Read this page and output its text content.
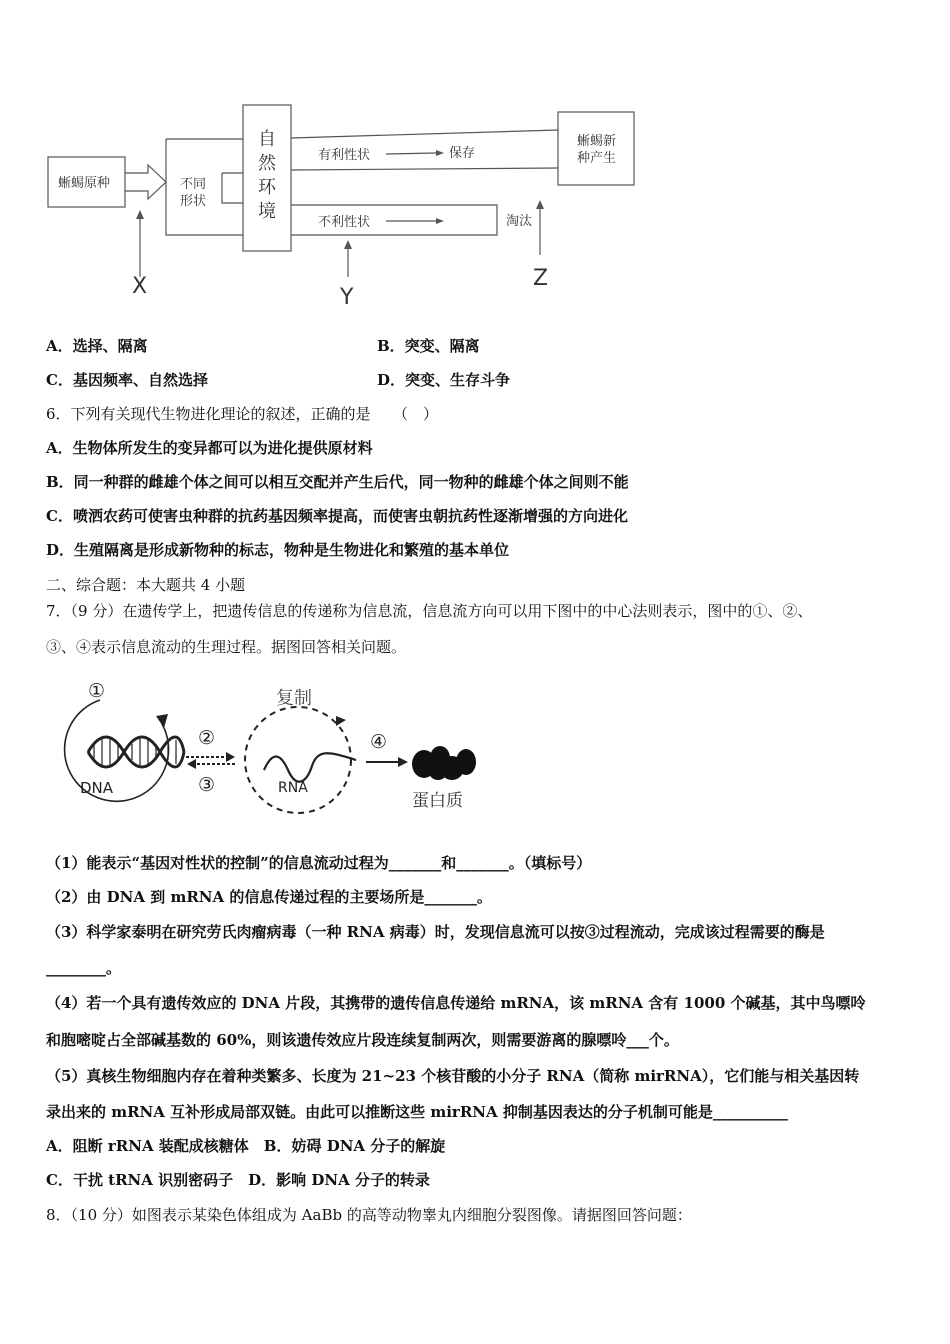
蜥蜴原种	不同
形状
有利性状	保存
不利性状	淘汰
蜥蜴新
种产生
自
然
环
境
X	Y
Z
A．选择、隔离	B．突变、隔离
C．基因频率、自然选择	D．突变、生存斗争
6．下列有关现代生物进化理论的叙述，正确的是　　（　）
A．生物体所发生的变异都可以为进化提供原材料
B．同一种群的雌雄个体之间可以相互交配并产生后代，同一物种的雌雄个体之间则不能
C．喷洒农药可使害虫种群的抗药基因频率提高，而使害虫朝抗药性逐渐增强的方向进化
D．生殖隔离是形成新物种的标志，物种是生物进化和繁殖的基本单位
二、综合题：本大题共 4 小题
7．（9 分）在遗传学上，把遗传信息的传递称为信息流，信息流方向可以用下图中的中心法则表示，图中的①、②、
③、④表示信息流动的生理过程。据图回答相关问题。
DNA
①
②
③	RNA
复制
④
蛋白质
（1）能表示“基因对性状的控制”的信息流动过程为_______和_______。（填标号）
（2）由 DNA 到 mRNA 的信息传递过程的主要场所是_______。
（3）科学家泰明在研究劳氏肉瘤病毒（一种 RNA 病毒）时，发现信息流可以按③过程流动，完成该过程需要的酶是
________。
（4）若一个具有遗传效应的 DNA 片段，其携带的遗传信息传递给 mRNA，该 mRNA 含有 1000 个碱基，其中鸟嘌呤
和胞嘧啶占全部碱基数的 60%，则该遗传效应片段连续复制两次，则需要游离的腺嘌呤___个。
（5）真核生物细胞内存在着种类繁多、长度为 21~23 个核苷酸的小分子 RNA（简称 mirRNA），它们能与相关基因转
录出来的 mRNA 互补形成局部双链。由此可以推断这些 mirRNA 抑制基因表达的分子机制可能是__________
A．阻断 rRNA 装配成核糖体　B．妨碍 DNA 分子的解旋
C．干扰 tRNA 识别密码子　D．影响 DNA 分子的转录
8．（10 分）如图表示某染色体组成为 AaBb 的高等动物睾丸内细胞分裂图像。请据图回答问题：
